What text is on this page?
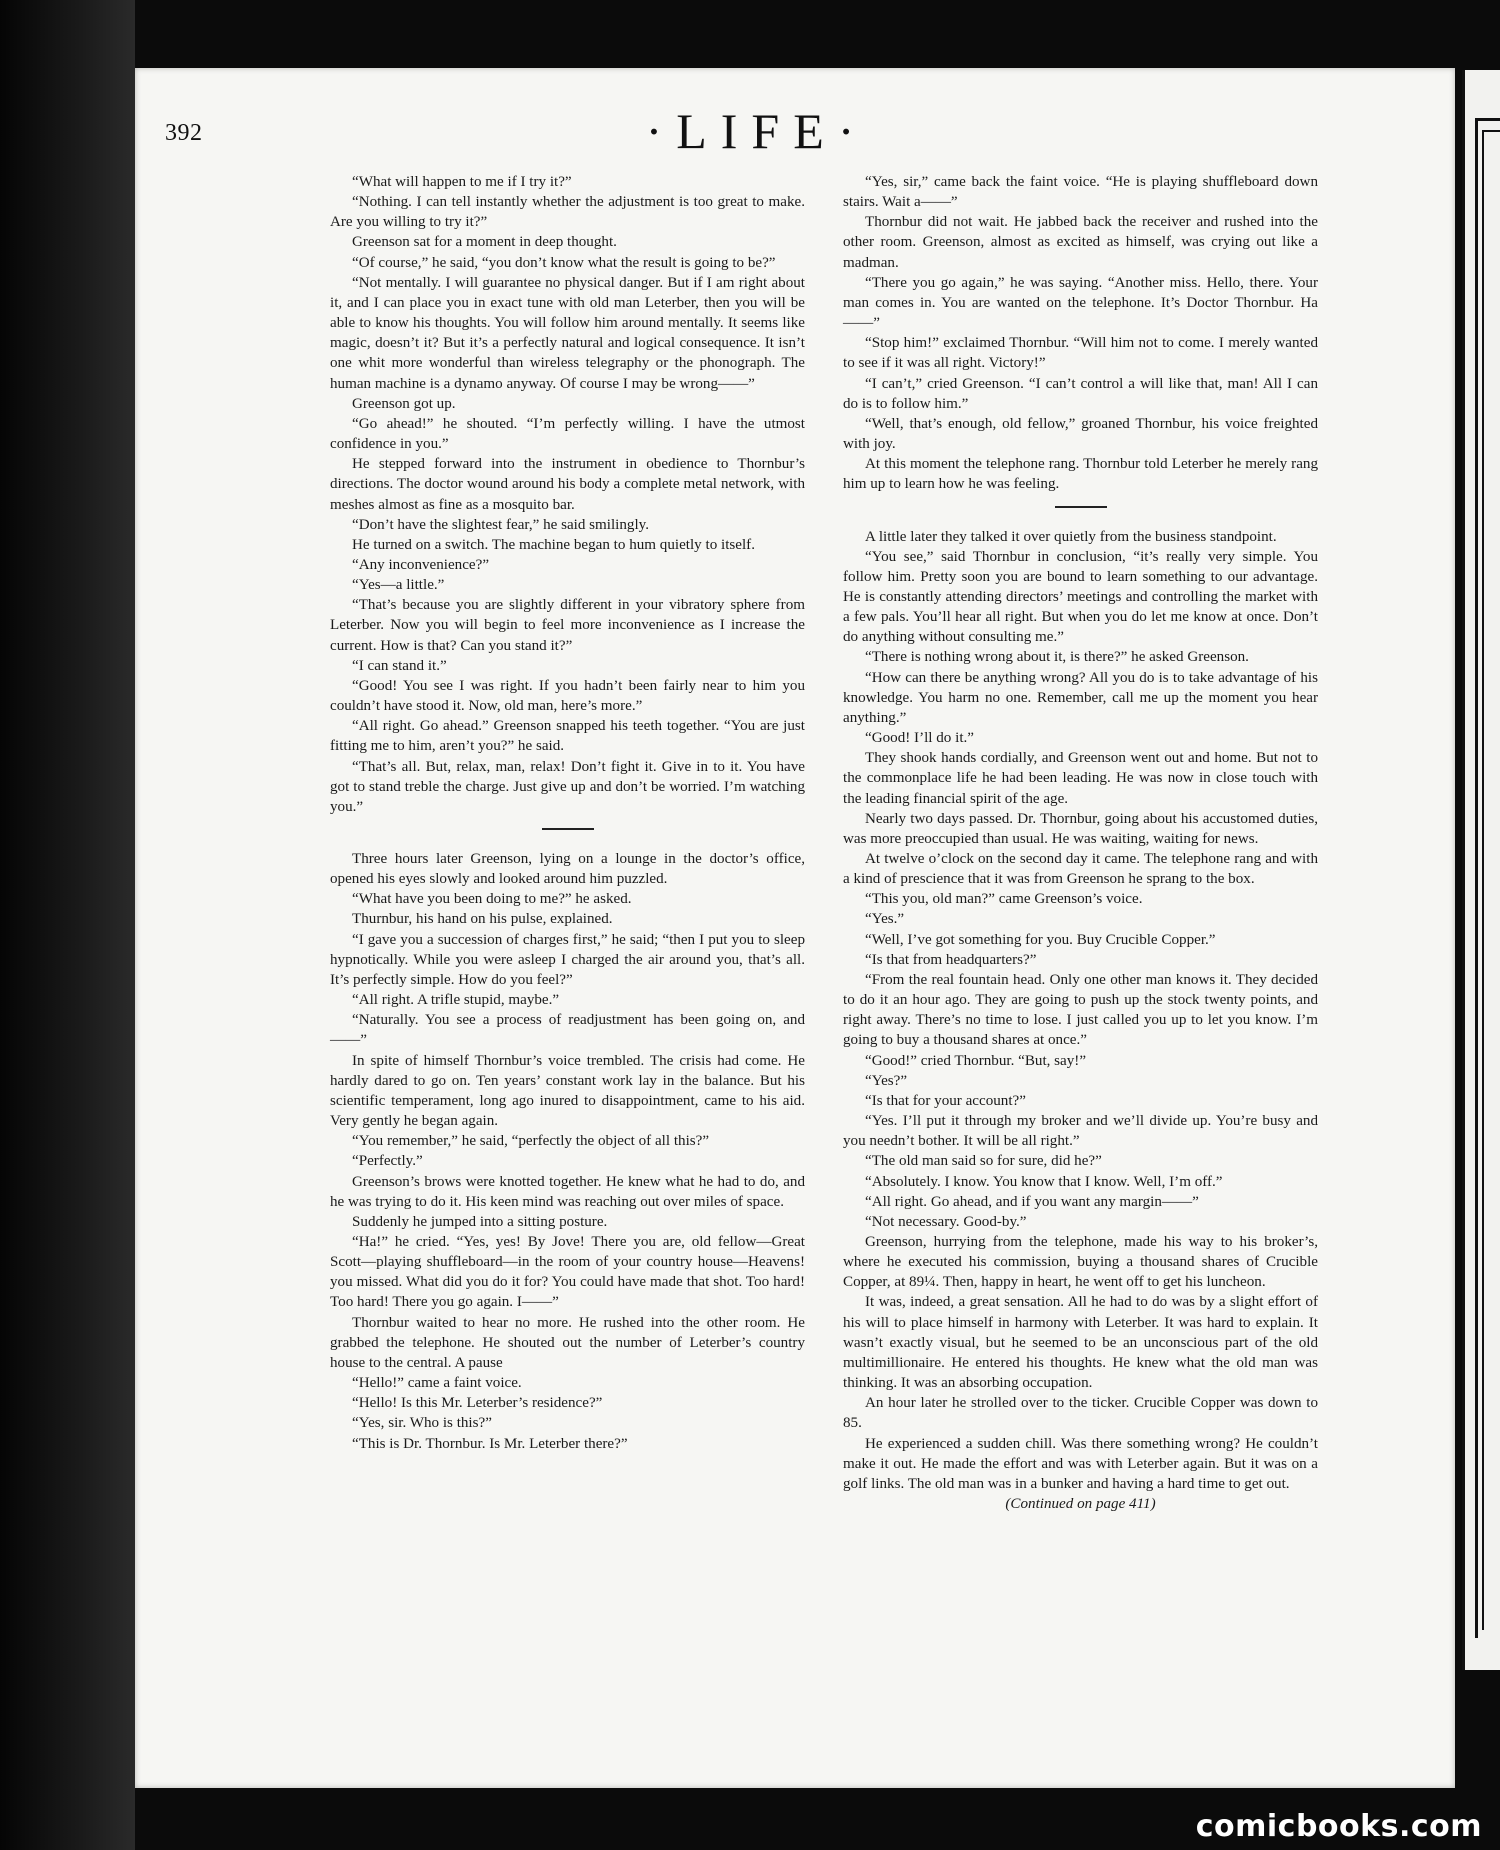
392	·LIFE·

“What will happen to me if I try it?”

“Nothing. I can tell instantly whether the adjustment is too great to make. Are you willing to try it?”

Greenson sat for a moment in deep thought.

“Of course,” he said, “you don’t know what the result is going to be?”

“Not mentally. I will guarantee no physical danger. But if I am right about it, and I can place you in exact tune with old man Leterber, then you will be able to know his thoughts. You will follow him around mentally. It seems like magic, doesn’t it? But it’s a perfectly natural and logical consequence. It isn’t one whit more wonderful than wireless telegraphy or the phonograph. The human machine is a dynamo anyway. Of course I may be wrong——”

Greenson got up.

“Go ahead!” he shouted. “I’m perfectly willing. I have the utmost confidence in you.”

He stepped forward into the instrument in obedience to Thornbur’s directions. The doctor wound around his body a complete metal network, with meshes almost as fine as a mosquito bar.

“Don’t have the slightest fear,” he said smilingly.

He turned on a switch. The machine began to hum quietly to itself.

“Any inconvenience?”

“Yes—a little.”

“That’s because you are slightly different in your vibratory sphere from Leterber. Now you will begin to feel more inconvenience as I increase the current. How is that? Can you stand it?”

“I can stand it.”

“Good! You see I was right. If you hadn’t been fairly near to him you couldn’t have stood it. Now, old man, here’s more.”

“All right. Go ahead.” Greenson snapped his teeth together. “You are just fitting me to him, aren’t you?” he said.

“That’s all. But, relax, man, relax! Don’t fight it. Give in to it. You have got to stand treble the charge. Just give up and don’t be worried. I’m watching you.”

Three hours later Greenson, lying on a lounge in the doctor’s office, opened his eyes slowly and looked around him puzzled.

“What have you been doing to me?” he asked.

Thurnbur, his hand on his pulse, explained.

“I gave you a succession of charges first,” he said; “then I put you to sleep hypnotically. While you were asleep I charged the air around you, that’s all. It’s perfectly simple. How do you feel?”

“All right. A trifle stupid, maybe.”

“Naturally. You see a process of readjustment has been going on, and——”

In spite of himself Thornbur’s voice trembled. The crisis had come. He hardly dared to go on. Ten years’ constant work lay in the balance. But his scientific temperament, long ago inured to disappointment, came to his aid. Very gently he began again.

“You remember,” he said, “perfectly the object of all this?”

“Perfectly.”

Greenson’s brows were knotted together. He knew what he had to do, and he was trying to do it. His keen mind was reaching out over miles of space.

Suddenly he jumped into a sitting posture.

“Ha!” he cried. “Yes, yes! By Jove! There you are, old fellow—Great Scott—playing shuffleboard—in the room of your country house—Heavens! you missed. What did you do it for? You could have made that shot. Too hard! Too hard! There you go again. I——”

Thornbur waited to hear no more. He rushed into the other room. He grabbed the telephone. He shouted out the number of Leterber’s country house to the central. A pause

“Hello!” came a faint voice.

“Hello! Is this Mr. Leterber’s residence?”

“Yes, sir. Who is this?”

“This is Dr. Thornbur. Is Mr. Leterber there?”

“Yes, sir,” came back the faint voice. “He is playing shuffleboard down stairs. Wait a——”

Thornbur did not wait. He jabbed back the receiver and rushed into the other room. Greenson, almost as excited as himself, was crying out like a madman.

“There you go again,” he was saying. “Another miss. Hello, there. Your man comes in. You are wanted on the telephone. It’s Doctor Thornbur. Ha——”

“Stop him!” exclaimed Thornbur. “Will him not to come. I merely wanted to see if it was all right. Victory!”

“I can’t,” cried Greenson. “I can’t control a will like that, man! All I can do is to follow him.”

“Well, that’s enough, old fellow,” groaned Thornbur, his voice freighted with joy.

At this moment the telephone rang. Thornbur told Leterber he merely rang him up to learn how he was feeling.

A little later they talked it over quietly from the business standpoint.

“You see,” said Thornbur in conclusion, “it’s really very simple. You follow him. Pretty soon you are bound to learn something to our advantage. He is constantly attending directors’ meetings and controlling the market with a few pals. You’ll hear all right. But when you do let me know at once. Don’t do anything without consulting me.”

“There is nothing wrong about it, is there?” he asked Greenson.

“How can there be anything wrong? All you do is to take advantage of his knowledge. You harm no one. Remember, call me up the moment you hear anything.”

“Good! I’ll do it.”

They shook hands cordially, and Greenson went out and home. But not to the commonplace life he had been leading. He was now in close touch with the leading financial spirit of the age.

Nearly two days passed. Dr. Thornbur, going about his accustomed duties, was more preoccupied than usual. He was waiting, waiting for news.

At twelve o’clock on the second day it came. The telephone rang and with a kind of prescience that it was from Greenson he sprang to the box.

“This you, old man?” came Greenson’s voice.

“Yes.”

“Well, I’ve got something for you. Buy Crucible Copper.”

“Is that from headquarters?”

“From the real fountain head. Only one other man knows it. They decided to do it an hour ago. They are going to push up the stock twenty points, and right away. There’s no time to lose. I just called you up to let you know. I’m going to buy a thousand shares at once.”

“Good!” cried Thornbur. “But, say!”

“Yes?”

“Is that for your account?”

“Yes. I’ll put it through my broker and we’ll divide up. You’re busy and you needn’t bother. It will be all right.”

“The old man said so for sure, did he?”

“Absolutely. I know. You know that I know. Well, I’m off.”

“All right. Go ahead, and if you want any margin——”

“Not necessary. Good-by.”

Greenson, hurrying from the telephone, made his way to his broker’s, where he executed his commission, buying a thousand shares of Crucible Copper, at 89¼. Then, happy in heart, he went off to get his luncheon.

It was, indeed, a great sensation. All he had to do was by a slight effort of his will to place himself in harmony with Leterber. It was hard to explain. It wasn’t exactly visual, but he seemed to be an unconscious part of the old multimillionaire. He entered his thoughts. He knew what the old man was thinking. It was an absorbing occupation.

An hour later he strolled over to the ticker. Crucible Copper was down to 85.

He experienced a sudden chill. Was there something wrong? He couldn’t make it out. He made the effort and was with Leterber again. But it was on a golf links. The old man was in a bunker and having a hard time to get out.

(Continued on page 411)

comicbooks.com
